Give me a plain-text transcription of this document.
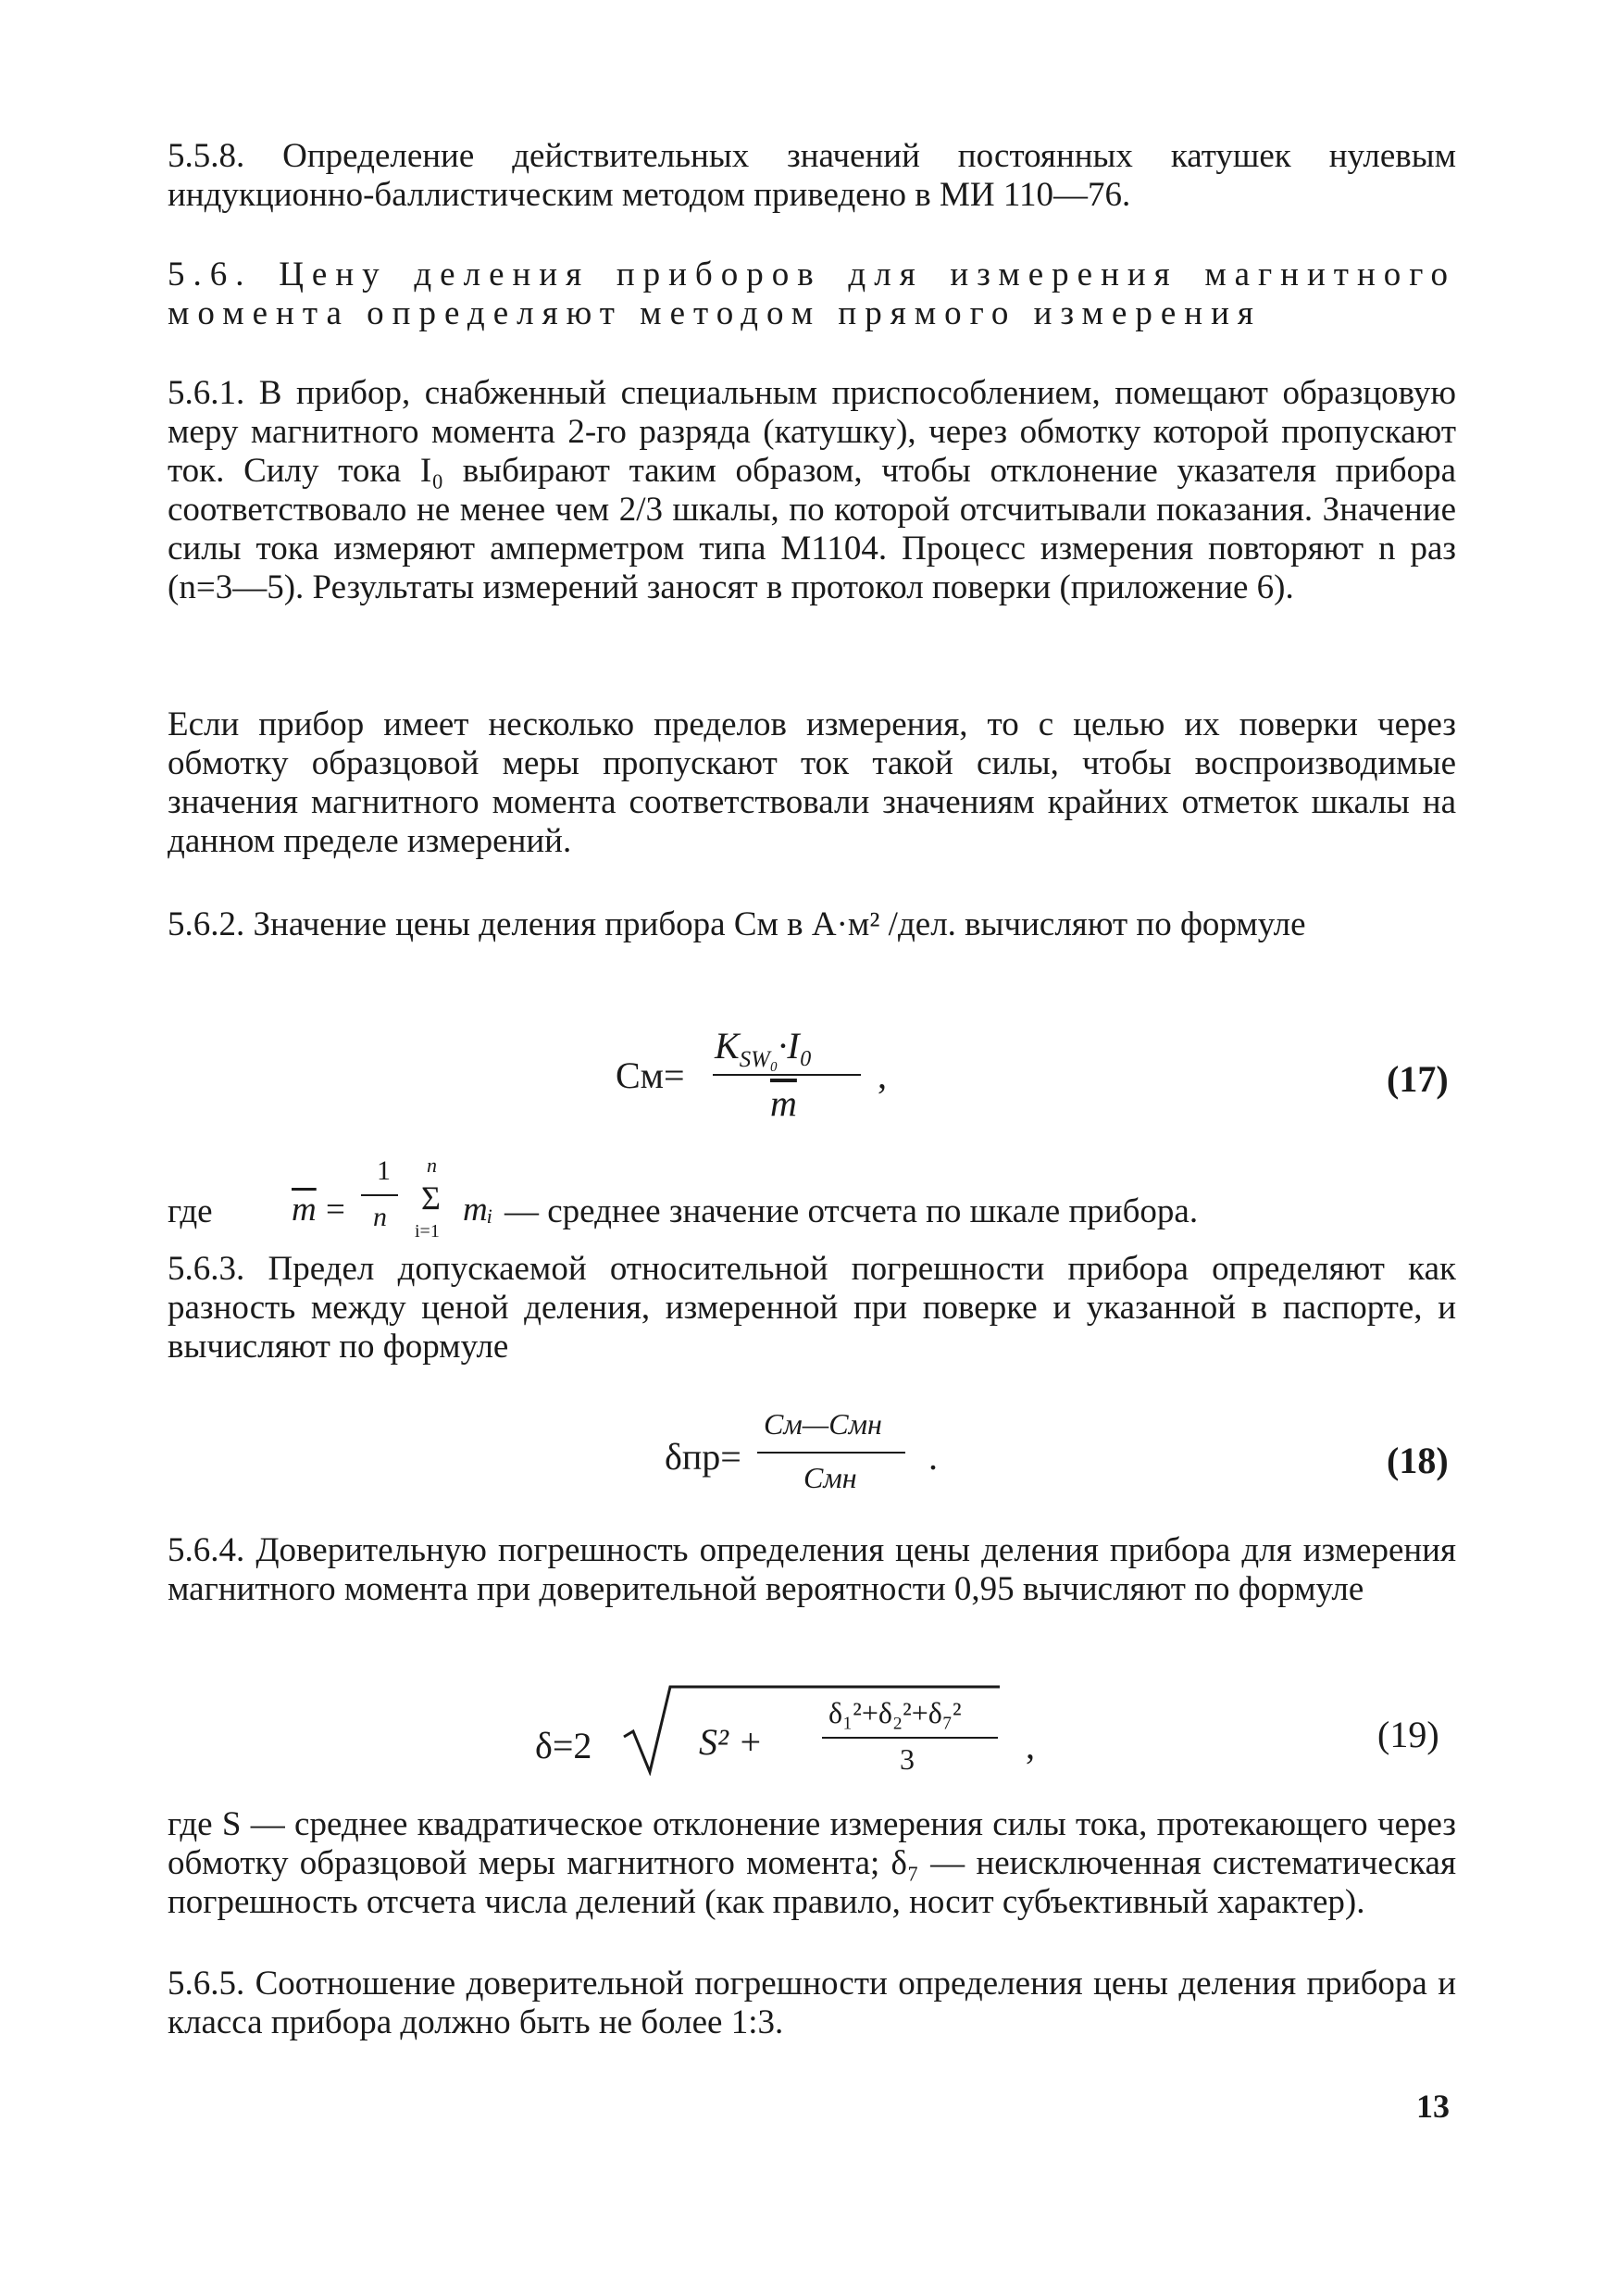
5.5.8. Определение действительных значений постоянных катушек нулевым индукционно-баллистическим методом приведено в МИ 110—76.

5.6. Цену деления приборов для измерения магнитного момента определяют методом прямого измерения

5.6.1. В прибор, снабженный специальным приспособлением, помещают образцовую меру магнитного момента 2-го разряда (катушку), через обмотку которой пропускают ток. Силу тока I₀ выбирают таким образом, чтобы отклонение указателя прибора соответствовало не менее чем 2/3 шкалы, по которой отсчитывали показания. Значение силы тока измеряют амперметром типа М1104. Процесс измерения повторяют n раз (n=3—5). Результаты измерений заносят в протокол поверки (приложение 6).

Если прибор имеет несколько пределов измерения, то с целью их поверки через обмотку образцовой меры пропускают ток такой силы, чтобы воспроизводимые значения магнитного момента соответствовали значениям крайних отметок шкалы на данном пределе измерений.

5.6.2. Значение цены деления прибора Cм в А·м² /дел. вычисляют по формуле

Cм=
$K_{SW_0}\cdot I_0$
$\overline{m}$
,	(17)
где	$\overline{m}$ =
1
n
n
Σ
i=1
mᵢ — среднее значение отсчета по шкале прибора.

5.6.3. Предел допускаемой относительной погрешности прибора определяют как разность между ценой деления, измеренной при поверке и указанной в паспорте, и вычисляют по формуле

δпр=
Cм—Cмн
Cмн .	(18)

5.6.4. Доверительную погрешность определения цены деления прибора для измерения магнитного момента при доверительной вероятности 0,95 вычисляют по формуле

δ=2	S² +
δ₁²+δ₂²+δ₇²
3	,	(19)

где S — среднее квадратическое отклонение измерения силы тока, протекающего через обмотку образцовой меры магнитного момента; δ₇ — неисключенная систематическая погрешность отсчета числа делений (как правило, носит субъективный характер).

5.6.5. Соотношение доверительной погрешности определения цены деления прибора и класса прибора должно быть не более 1:3.

13
